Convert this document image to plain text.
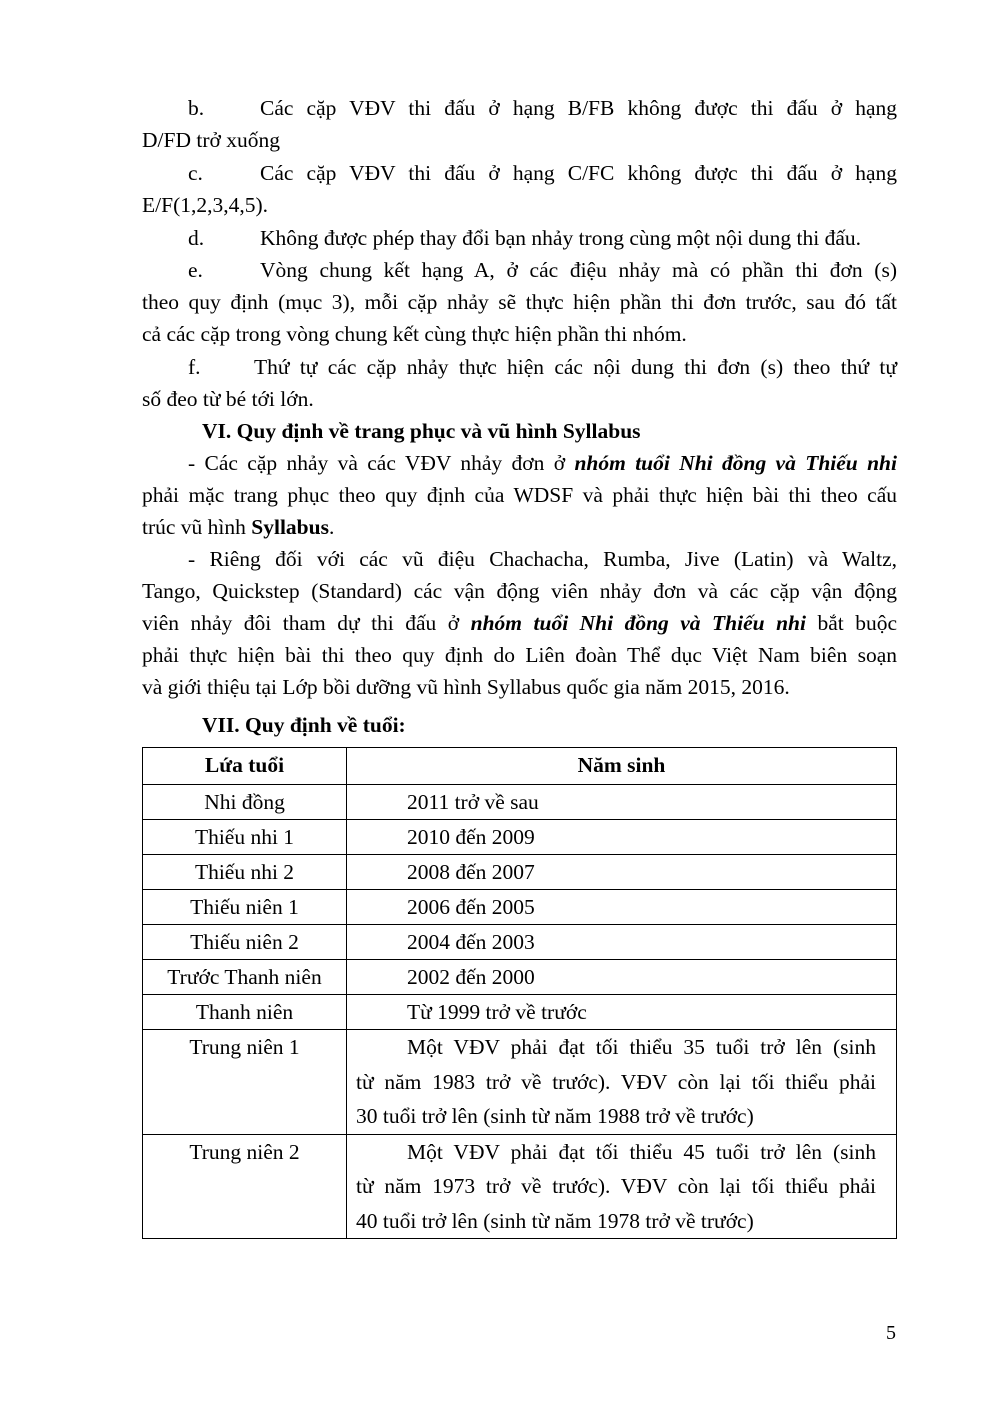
b.	Các cặp VĐV thi đấu ở hạng B/FB không được thi đấu ở hạng
D/FD trở xuống
c.	Các cặp VĐV thi đấu ở hạng C/FC không được thi đấu ở hạng
E/F(1,2,3,4,5).
d.	Không được phép thay đổi bạn nhảy trong cùng một nội dung thi đấu.
e.	Vòng chung kết hạng A, ở các điệu nhảy mà có phần thi đơn (s)
theo quy định (mục 3), mỗi cặp nhảy sẽ thực hiện phần thi đơn trước, sau đó tất
cả các cặp trong vòng chung kết cùng thực hiện phần thi nhóm.
f. Thứ tự các cặp nhảy thực hiện các nội dung thi đơn (s) theo thứ tự
số đeo từ bé tới lớn.
VI. Quy định về trang phục và vũ hình Syllabus
- Các cặp nhảy và các VĐV nhảy đơn ở nhóm tuổi Nhi đồng và Thiếu nhi
phải mặc trang phục theo quy định của WDSF và phải thực hiện bài thi theo cấu
trúc vũ hình Syllabus.
- Riêng đối với các vũ điệu Chachacha, Rumba, Jive (Latin) và Waltz,
Tango, Quickstep (Standard) các vận động viên nhảy đơn và các cặp vận động
viên nhảy đôi tham dự thi đấu ở nhóm tuổi Nhi đồng và Thiếu nhi bắt buộc
phải thực hiện bài thi theo quy định do Liên đoàn Thể dục Việt Nam biên soạn
và giới thiệu tại Lớp bồi dưỡng vũ hình Syllabus quốc gia năm 2015, 2016.
VII. Quy định về tuổi:
Lứa tuổi	Năm sinh
Nhi đồng	2011 trở về sau
Thiếu nhi 1	2010 đến 2009
Thiếu nhi 2	2008 đến 2007
Thiếu niên 1	2006 đến 2005
Thiếu niên 2	2004 đến 2003
Trước Thanh niên	2002 đến 2000
Thanh niên	Từ 1999 trở về trước
Trung niên 1	Một VĐV phải đạt tối thiểu 35 tuổi trở lên (sinh
từ năm 1983 trở về trước). VĐV còn lại tối thiểu phải
30 tuổi trở lên (sinh từ năm 1988 trở về trước)

Trung niên 2	Một VĐV phải đạt tối thiểu 45 tuổi trở lên (sinh
từ năm 1973 trở về trước). VĐV còn lại tối thiểu phải
40 tuổi trở lên (sinh từ năm 1978 trở về trước)
5
